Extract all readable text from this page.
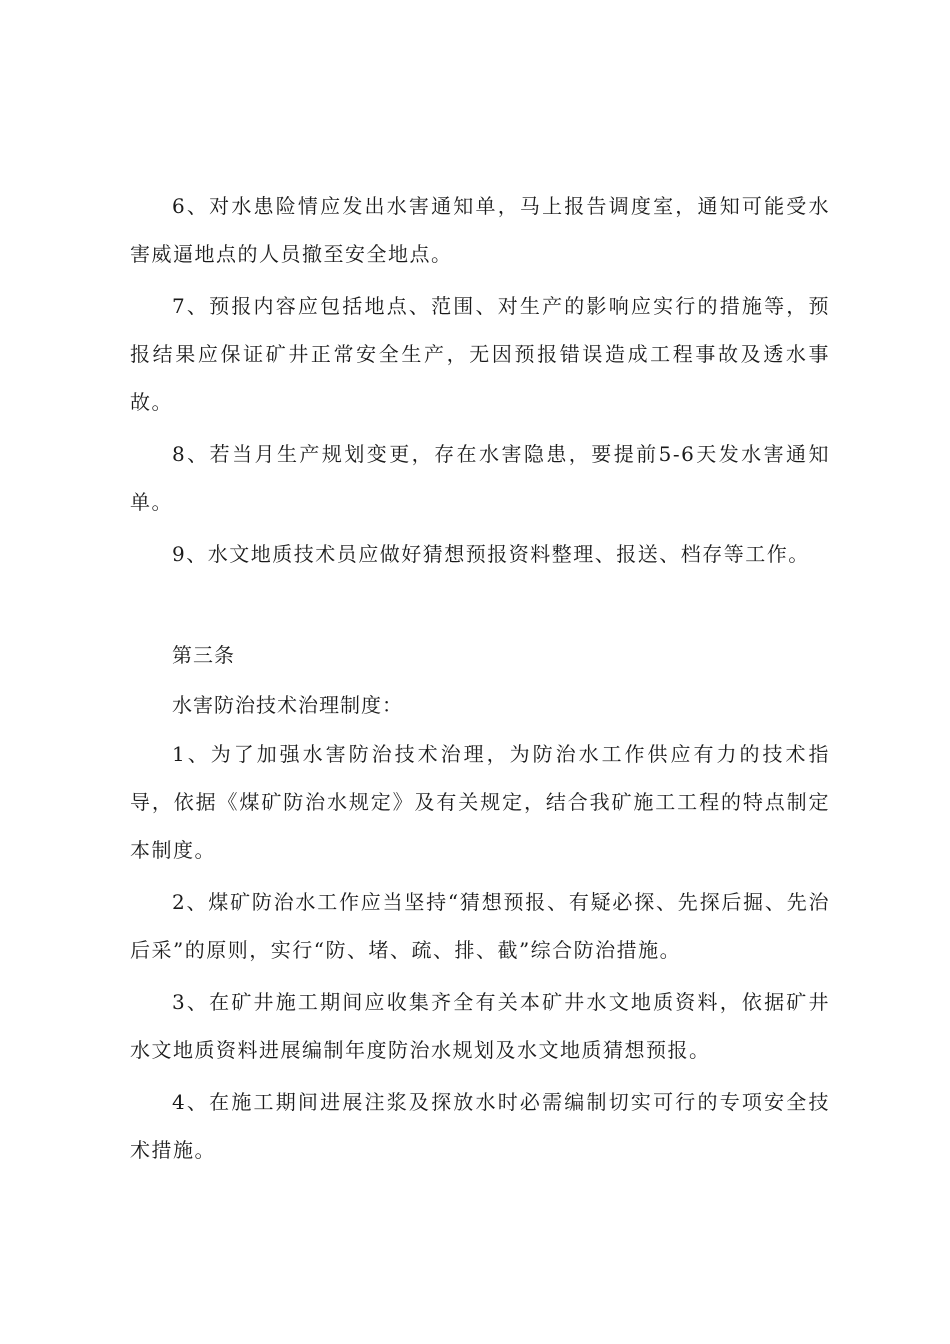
6、对水患险情应发出水害通知单，马上报告调度室，通知可能受水害威逼地点的人员撤至安全地点。

7、预报内容应包括地点、范围、对生产的影响应实行的措施等，预报结果应保证矿井正常安全生产，无因预报错误造成工程事故及透水事故。

8、若当月生产规划变更，存在水害隐患，要提前5-6天发水害通知单。

9、水文地质技术员应做好猜想预报资料整理、报送、档存等工作。

第三条

水害防治技术治理制度：

1、为了加强水害防治技术治理，为防治水工作供应有力的技术指导，依据《煤矿防治水规定》及有关规定，结合我矿施工工程的特点制定本制度。

2、煤矿防治水工作应当坚持“猜想预报、有疑必探、先探后掘、先治后采”的原则，实行“防、堵、疏、排、截”综合防治措施。

3、在矿井施工期间应收集齐全有关本矿井水文地质资料，依据矿井水文地质资料进展编制年度防治水规划及水文地质猜想预报。

4、在施工期间进展注浆及探放水时必需编制切实可行的专项安全技术措施。
